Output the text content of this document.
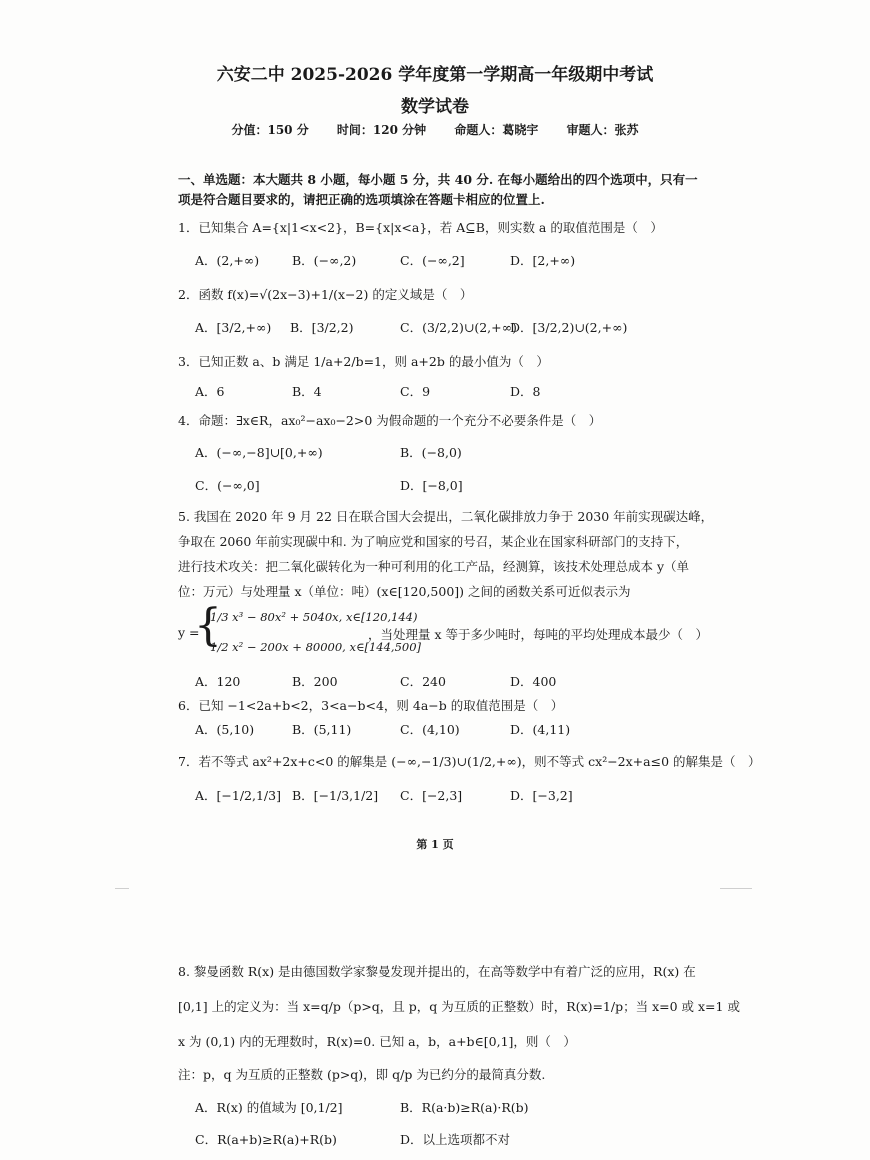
六安二中 2025-2026 学年度第一学期高一年级期中考试
数学试卷
分值：150 分 时间：120 分钟 命题人：葛晓宇 审题人：张苏
一、单选题：本大题共 8 小题，每小题 5 分，共 40 分. 在每小题给出的四个选项中，只有一项是符合题目要求的，请把正确的选项填涂在答题卡相应的位置上.
1．已知集合 A={x|1<x<2}，B={x|x<a}，若 A⊆B，则实数 a 的取值范围是（　）
A．(2,+∞)	B．(−∞,2)	C．(−∞,2]	D．[2,+∞)
2．函数 f(x)=√(2x−3)+1/(x−2) 的定义域是（　）
A．[3/2,+∞) B．[3/2,2)	C．(3/2,2)∪(2,+∞)
D．[3/2,2)∪(2,+∞)
3．已知正数 a、b 满足 1/a+2/b=1，则 a+2b 的最小值为（　）
A．6	B．4	C．9	D．8
4．命题：∃x∈R，ax₀²−ax₀−2>0 为假命题的一个充分不必要条件是（　）
A．(−∞,−8]∪[0,+∞)	B．(−8,0)
C．(−∞,0]	D．[−8,0]
5. 我国在 2020 年 9 月 22 日在联合国大会提出，二氧化碳排放力争于 2030 年前实现碳达峰，
争取在 2060 年前实现碳中和. 为了响应党和国家的号召，某企业在国家科研部门的支持下，
进行技术攻关：把二氧化碳转化为一种可利用的化工产品，经测算，该技术处理总成本 y（单
位：万元）与处理量 x（单位：吨）(x∈[120,500]) 之间的函数关系可近似表示为
y =
{
1/3 x³ − 80x² + 5040x, x∈[120,144)
1/2 x² − 200x + 80000, x∈[144,500]
，当处理量 x 等于多少吨时，每吨的平均处理成本最少（　）
A．120	B．200	C．240	D．400
6．已知 −1<2a+b<2，3<a−b<4，则 4a−b 的取值范围是（　）
A．(5,10)	B．(5,11)	C．(4,10)	D．(4,11)
7．若不等式 ax²+2x+c<0 的解集是 (−∞,−1/3)∪(1/2,+∞)，则不等式 cx²−2x+a≤0 的解集是（　）
A．[−1/2,1/3] B．[−1/3,1/2] C．[−2,3]	D．[−3,2]
第 1 页
8. 黎曼函数 R(x) 是由德国数学家黎曼发现并提出的，在高等数学中有着广泛的应用，R(x) 在
[0,1] 上的定义为：当 x=q/p（p>q，且 p，q 为互质的正整数）时，R(x)=1/p；当 x=0 或 x=1 或
x 为 (0,1) 内的无理数时，R(x)=0. 已知 a，b，a+b∈[0,1]，则（　）
注：p，q 为互质的正整数 (p>q)，即 q/p 为已约分的最简真分数.
A．R(x) 的值域为 [0,1/2]	B．R(a·b)≥R(a)·R(b)
C．R(a+b)≥R(a)+R(b)	D．以上选项都不对
